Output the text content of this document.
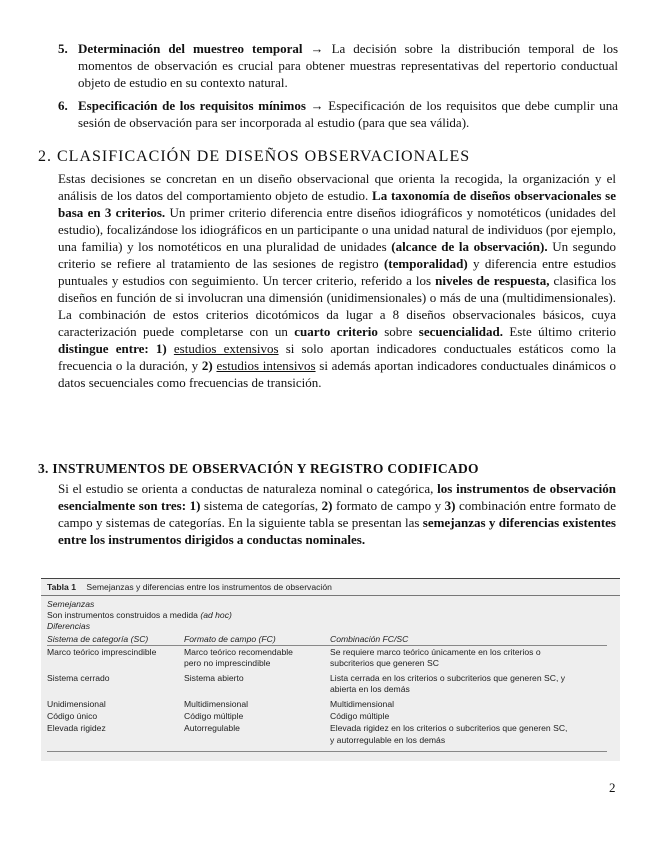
5. Determinación del muestreo temporal → La decisión sobre la distribución temporal de los momentos de observación es crucial para obtener muestras representativas del repertorio conductual objeto de estudio en su contexto natural.
6. Especificación de los requisitos mínimos → Especificación de los requisitos que debe cumplir una sesión de observación para ser incorporada al estudio (para que sea válida).
2. CLASIFICACIÓN DE DISEÑOS OBSERVACIONALES
Estas decisiones se concretan en un diseño observacional que orienta la recogida, la organización y el análisis de los datos del comportamiento objeto de estudio. La taxonomía de diseños observacionales se basa en 3 criterios. Un primer criterio diferencia entre diseños idiográficos y nomotéticos (unidades del estudio), focalizándose los idiográficos en un participante o una unidad natural de individuos (por ejemplo, una familia) y los nomotéticos en una pluralidad de unidades (alcance de la observación). Un segundo criterio se refiere al tratamiento de las sesiones de registro (temporalidad) y diferencia entre estudios puntuales y estudios con seguimiento. Un tercer criterio, referido a los niveles de respuesta, clasifica los diseños en función de si involucran una dimensión (unidimensionales) o más de una (multidimensionales). La combinación de estos criterios dicotómicos da lugar a 8 diseños observacionales básicos, cuya caracterización puede completarse con un cuarto criterio sobre secuencialidad. Este último criterio distingue entre: 1) estudios extensivos si solo aportan indicadores conductuales estáticos como la frecuencia o la duración, y 2) estudios intensivos si además aportan indicadores conductuales dinámicos o datos secuenciales como frecuencias de transición.
3. INSTRUMENTOS DE OBSERVACIÓN Y REGISTRO CODIFICADO
Si el estudio se orienta a conductas de naturaleza nominal o categórica, los instrumentos de observación esencialmente son tres: 1) sistema de categorías, 2) formato de campo y 3) combinación entre formato de campo y sistemas de categorías. En la siguiente tabla se presentan las semejanzas y diferencias existentes entre los instrumentos dirigidos a conductas nominales.
Tabla 1 Semejanzas y diferencias entre los instrumentos de observación
Semejanzas
Son instrumentos construidos a medida (ad hoc)
Diferencias
Sistema de categoría (SC)	Formato de campo (FC)	Combinación FC/SC
Marco teórico imprescindible	Marco teórico recomendable	Se requiere marco teórico únicamente en los criterios o
pero no imprescindible	subcriterios que generen SC
Sistema cerrado	Sistema abierto	Lista cerrada en los criterios o subcriterios que generen SC, y
abierta en los demás
Unidimensional	Multidimensional	Multidimensional
Código único	Código múltiple	Código múltiple
Elevada rigidez	Autorregulable	Elevada rigidez en los criterios o subcriterios que generen SC,
y autorregulable en los demás
2
